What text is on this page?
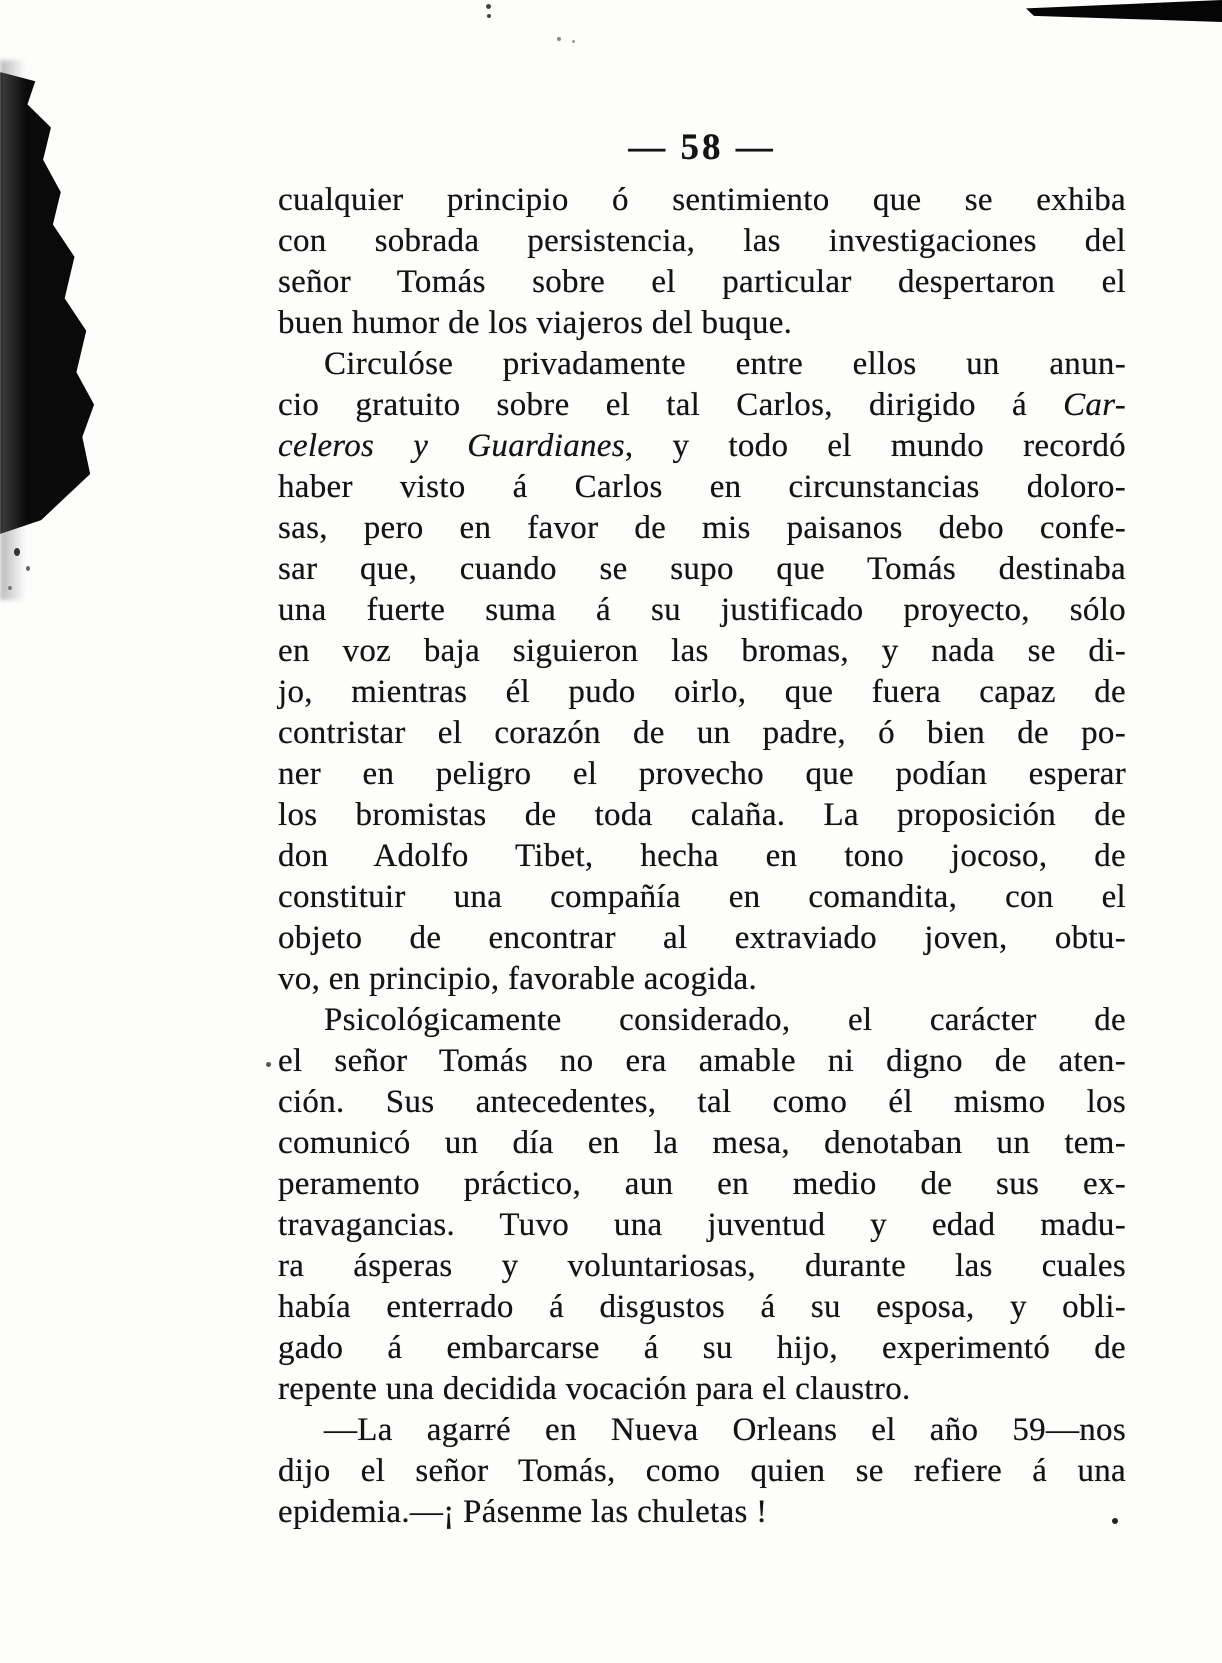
— 58 —
cualquier principio ó sentimiento que se exhiba
con sobrada persistencia, las investigaciones del
señor Tomás sobre el particular despertaron el
buen humor de los viajeros del buque.
Circulóse privadamente entre ellos un anun-
cio gratuito sobre el tal Carlos, dirigido á Car-
celeros y Guardianes, y todo el mundo recordó
haber visto á Carlos en circunstancias doloro-
sas, pero en favor de mis paisanos debo confe-
sar que, cuando se supo que Tomás destinaba
una fuerte suma á su justificado proyecto, sólo
en voz baja siguieron las bromas, y nada se di-
jo, mientras él pudo oirlo, que fuera capaz de
contristar el corazón de un padre, ó bien de po-
ner en peligro el provecho que podían esperar
los bromistas de toda calaña. La proposición de
don Adolfo Tibet, hecha en tono jocoso, de
constituir una compañía en comandita, con el
objeto de encontrar al extraviado joven, obtu-
vo, en principio, favorable acogida.
Psicológicamente considerado, el carácter de
el señor Tomás no era amable ni digno de aten-
ción. Sus antecedentes, tal como él mismo los
comunicó un día en la mesa, denotaban un tem-
peramento práctico, aun en medio de sus ex-
travagancias. Tuvo una juventud y edad madu-
ra ásperas y voluntariosas, durante las cuales
había enterrado á disgustos á su esposa, y obli-
gado á embarcarse á su hijo, experimentó de
repente una decidida vocación para el claustro.
—La agarré en Nueva Orleans el año 59—nos
dijo el señor Tomás, como quien se refiere á una
epidemia.—¡ Pásenme las chuletas !
